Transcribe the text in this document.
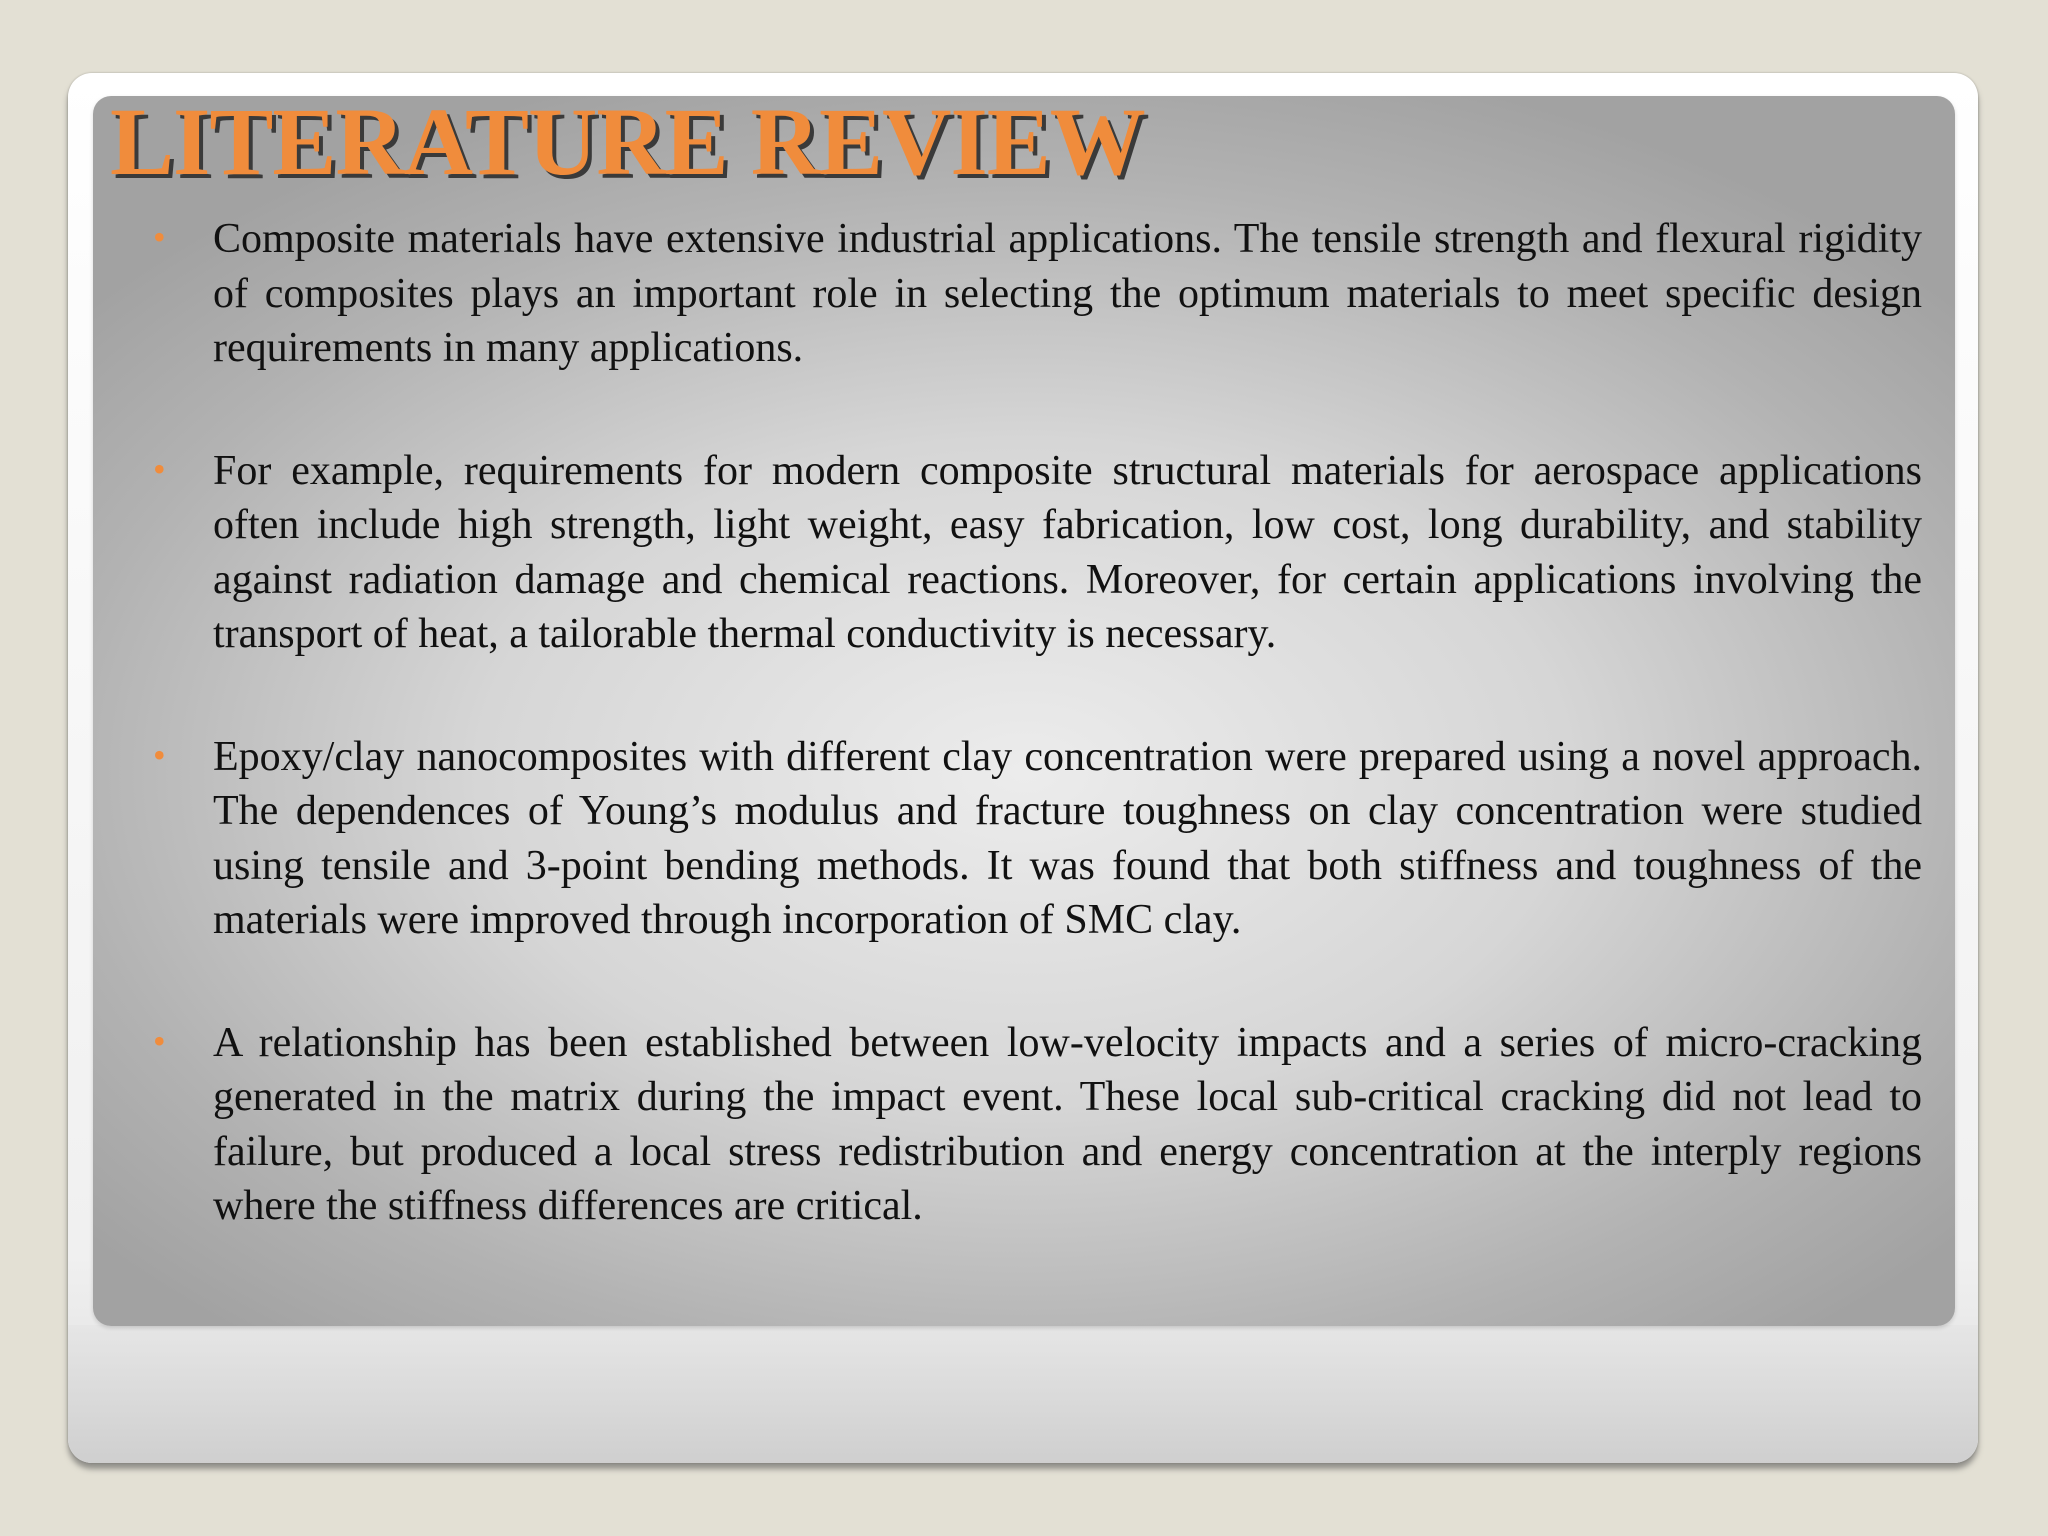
LITERATURE REVIEW
• Composite materials have extensive industrial applications. The tensile strength and flexural rigidity of composites plays an important role in selecting the optimum materials to meet specific design requirements in many applications.
• For example, requirements for modern composite structural materials for aerospace applications often include high strength, light weight, easy fabrication, low cost, long durability, and stability against radiation damage and chemical reactions. Moreover, for certain applications involving the transport of heat, a tailorable thermal conductivity is necessary.
• Epoxy/clay nanocomposites with different clay concentration were prepared using a novel approach. The dependences of Young’s modulus and fracture toughness on clay concentration were studied using tensile and 3-point bending methods. It was found that both stiffness and toughness of the materials were improved through incorporation of SMC clay.
• A relationship has been established between low-velocity impacts and a series of micro-cracking generated in the matrix during the impact event. These local sub-critical cracking did not lead to failure, but produced a local stress redistribution and energy concentration at the interply regions where the stiffness differences are critical.
